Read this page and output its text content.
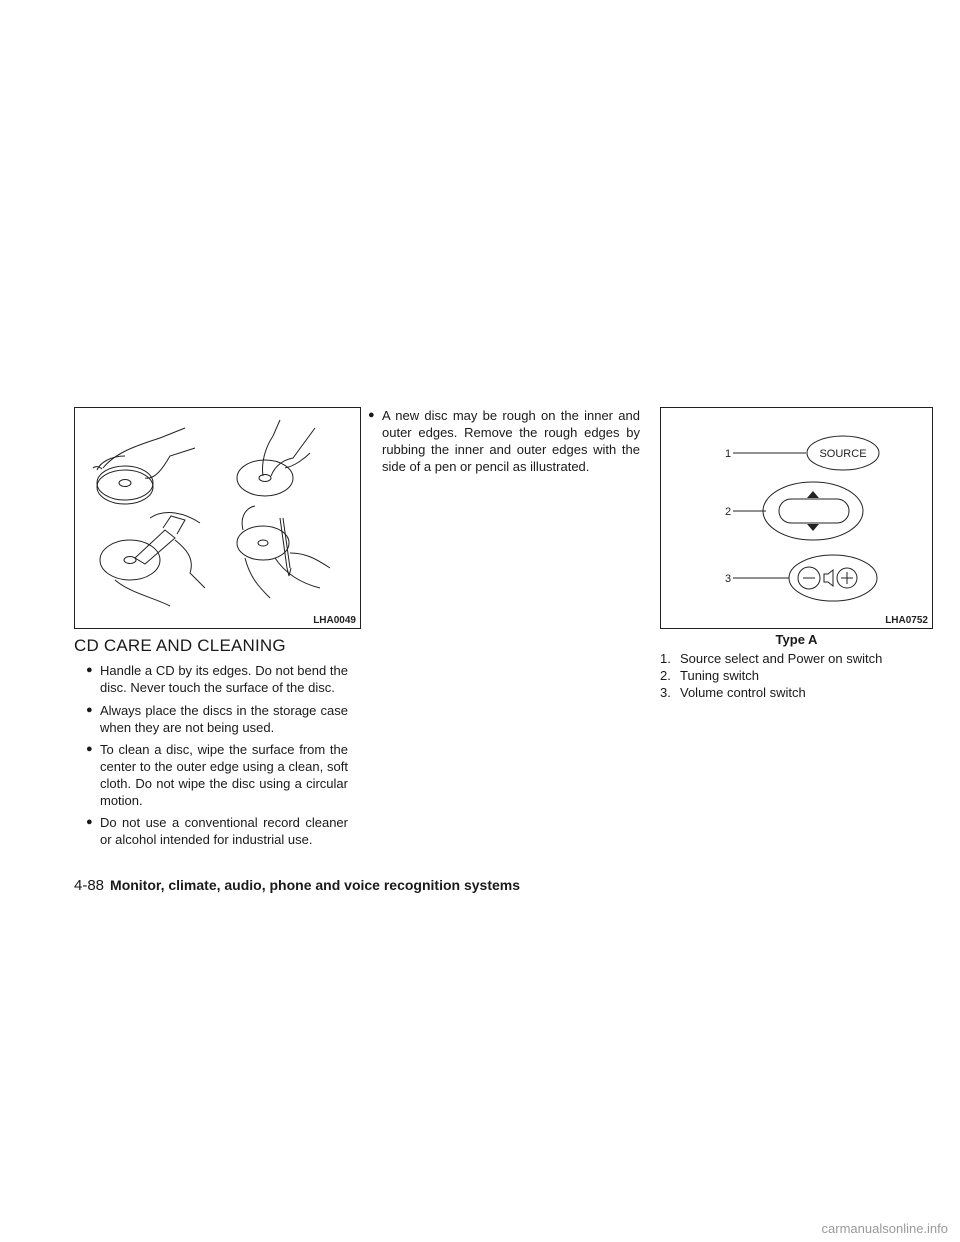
LHA0049
1
2
3
SOURCE
LHA0752
Type A
CD CARE AND CLEANING
● Handle a CD by its edges. Do not bend the disc. Never touch the surface of the disc.
● Always place the discs in the storage case when they are not being used.
● To clean a disc, wipe the surface from the center to the outer edge using a clean, soft cloth. Do not wipe the disc using a circular motion.
● Do not use a conventional record cleaner or alcohol intended for industrial use.
● A new disc may be rough on the inner and outer edges. Remove the rough edges by rubbing the inner and outer edges with the side of a pen or pencil as illustrated.
1. Source select and Power on switch
2. Tuning switch
3. Volume control switch
4-88 Monitor, climate, audio, phone and voice recognition systems
carmanualsonline.info
